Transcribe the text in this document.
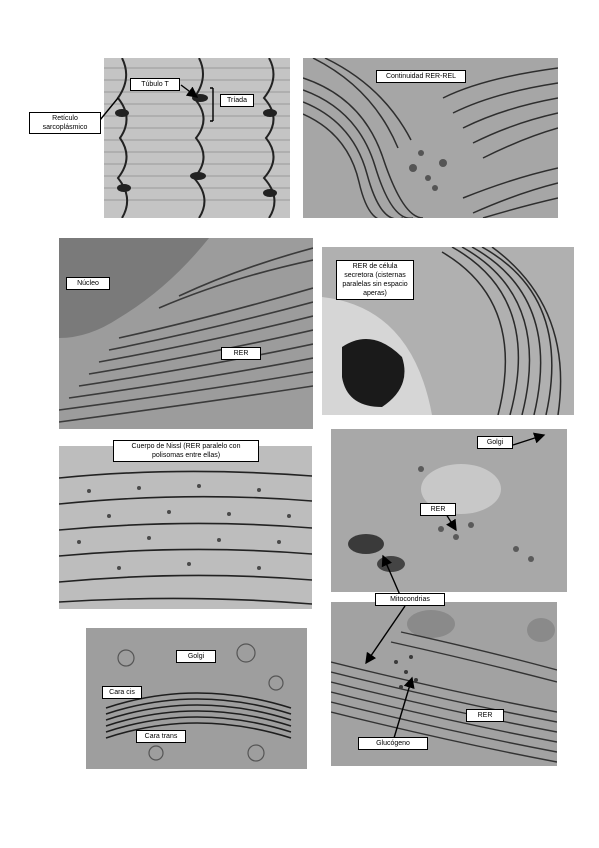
Túbulo T
Tríada
Retículo sarcoplásmico
Continuidad RER-REL
Núcleo
RER
RER de célula secretora (cisternas paralelas sin espacio aperas)
Cuerpo de Nissl (RER paralelo con polisomas entre ellas)
Golgi
RER
Mitocondrias
Golgi
Cara cis
Cara trans
RER
Glucógeno
